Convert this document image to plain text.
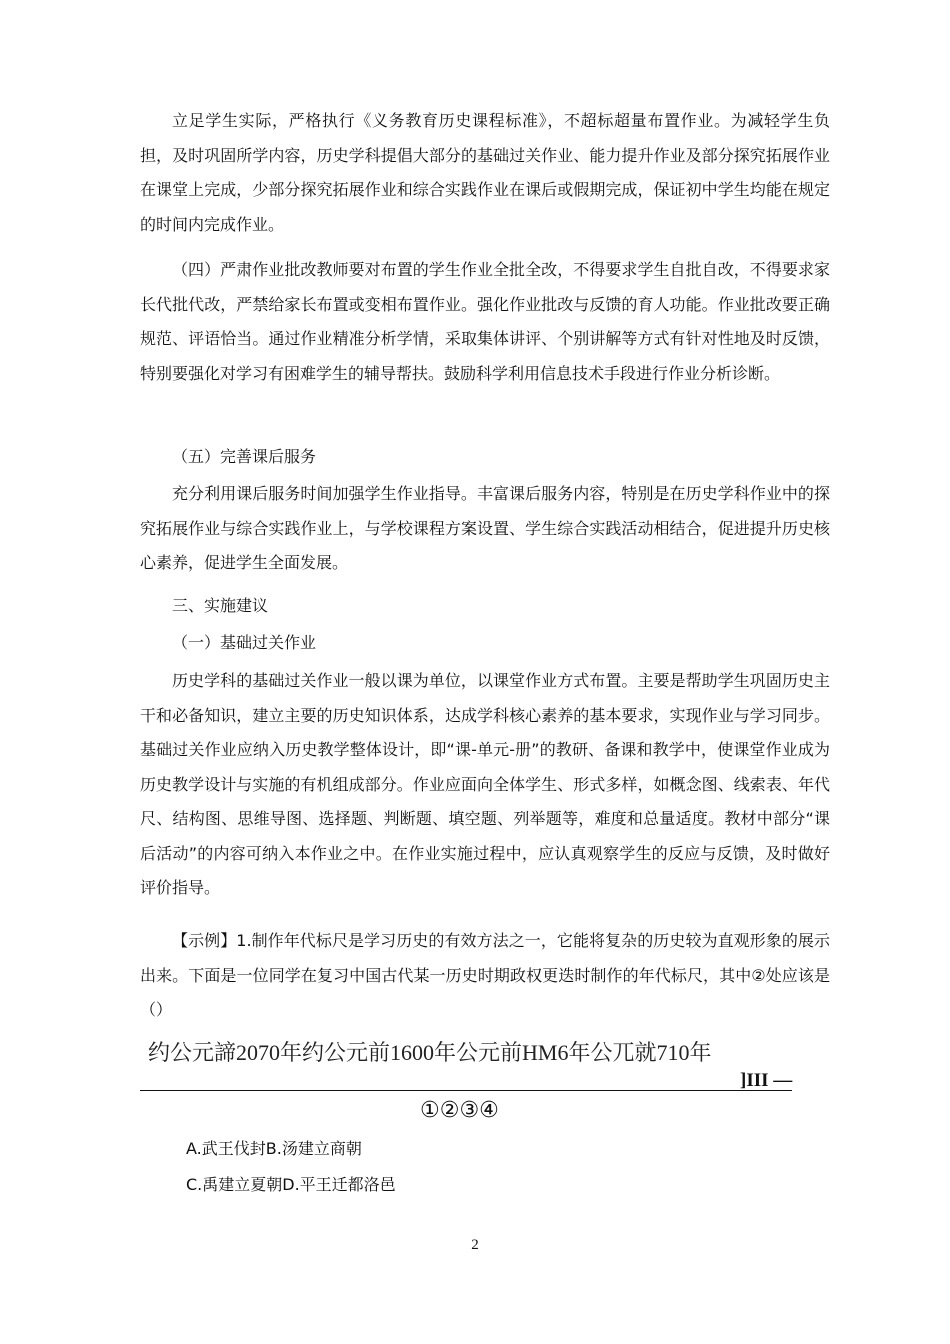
立足学生实际，严格执行《义务教育历史课程标准》，不超标超量布置作业。为减轻学生负担，及时巩固所学内容，历史学科提倡大部分的基础过关作业、能力提升作业及部分探究拓展作业在课堂上完成，少部分探究拓展作业和综合实践作业在课后或假期完成，保证初中学生均能在规定的时间内完成作业。

（四）严肃作业批改教师要对布置的学生作业全批全改，不得要求学生自批自改，不得要求家长代批代改，严禁给家长布置或变相布置作业。强化作业批改与反馈的育人功能。作业批改要正确规范、评语恰当。通过作业精准分析学情，采取集体讲评、个别讲解等方式有针对性地及时反馈，特别要强化对学习有困难学生的辅导帮扶。鼓励科学利用信息技术手段进行作业分析诊断。

（五）完善课后服务

充分利用课后服务时间加强学生作业指导。丰富课后服务内容，特别是在历史学科作业中的探究拓展作业与综合实践作业上，与学校课程方案设置、学生综合实践活动相结合，促进提升历史核心素养，促进学生全面发展。

三、实施建议

（一）基础过关作业

历史学科的基础过关作业一般以课为单位，以课堂作业方式布置。主要是帮助学生巩固历史主干和必备知识，建立主要的历史知识体系，达成学科核心素养的基本要求，实现作业与学习同步。基础过关作业应纳入历史教学整体设计，即“课-单元-册”的教研、备课和教学中，使课堂作业成为历史教学设计与实施的有机组成部分。作业应面向全体学生、形式多样，如概念图、线索表、年代尺、结构图、思维导图、选择题、判断题、填空题、列举题等，难度和总量适度。教材中部分“课后活动”的内容可纳入本作业之中。在作业实施过程中，应认真观察学生的反应与反馈，及时做好评价指导。

【示例】1.制作年代标尺是学习历史的有效方法之一，它能将复杂的历史较为直观形象的展示出来。下面是一位同学在复习中国古代某一历史时期政权更迭时制作的年代标尺，其中②处应该是（）

约公元諦2070年约公元前1600年公元前HM6年公兀就710年
]III —
①②③④
A.武王伐封B.汤建立商朝
C.禹建立夏朝D.平王迁都洛邑
2
